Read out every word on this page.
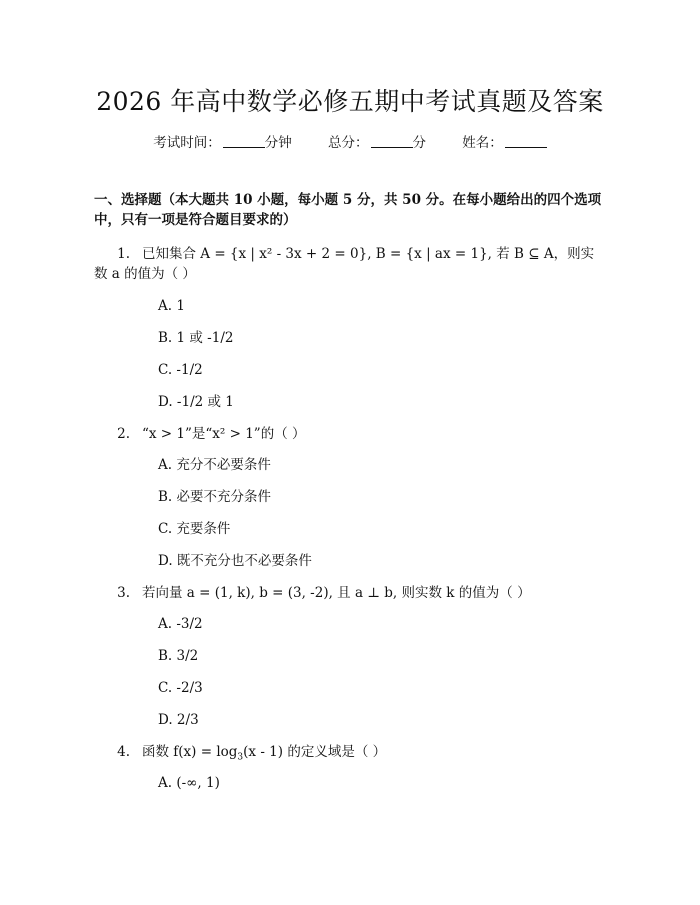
2026 年高中数学必修五期中考试真题及答案
考试时间：	分钟	总分：	分	姓名：
一、选择题（本大题共 10 小题，每小题 5 分，共 50 分。在每小题给出的四个选项中，只有一项是符合题目要求的）
1. 已知集合 A = {x | x² - 3x + 2 = 0}, B = {x | ax = 1}, 若 B ⊆ A，则实数 a 的值为（ ）
A. 1
B. 1 或 -1/2
C. -1/2
D. -1/2 或 1
2. “x > 1”是“x² > 1”的（ ）
A. 充分不必要条件
B. 必要不充分条件
C. 充要条件
D. 既不充分也不必要条件
3. 若向量 a = (1, k), b = (3, -2), 且 a ⊥ b, 则实数 k 的值为（ ）
A. -3/2
B. 3/2
C. -2/3
D. 2/3
4. 函数 $f(x) = \log_3(x - 1)$ 的定义域是（ ）
A. (-∞, 1)
